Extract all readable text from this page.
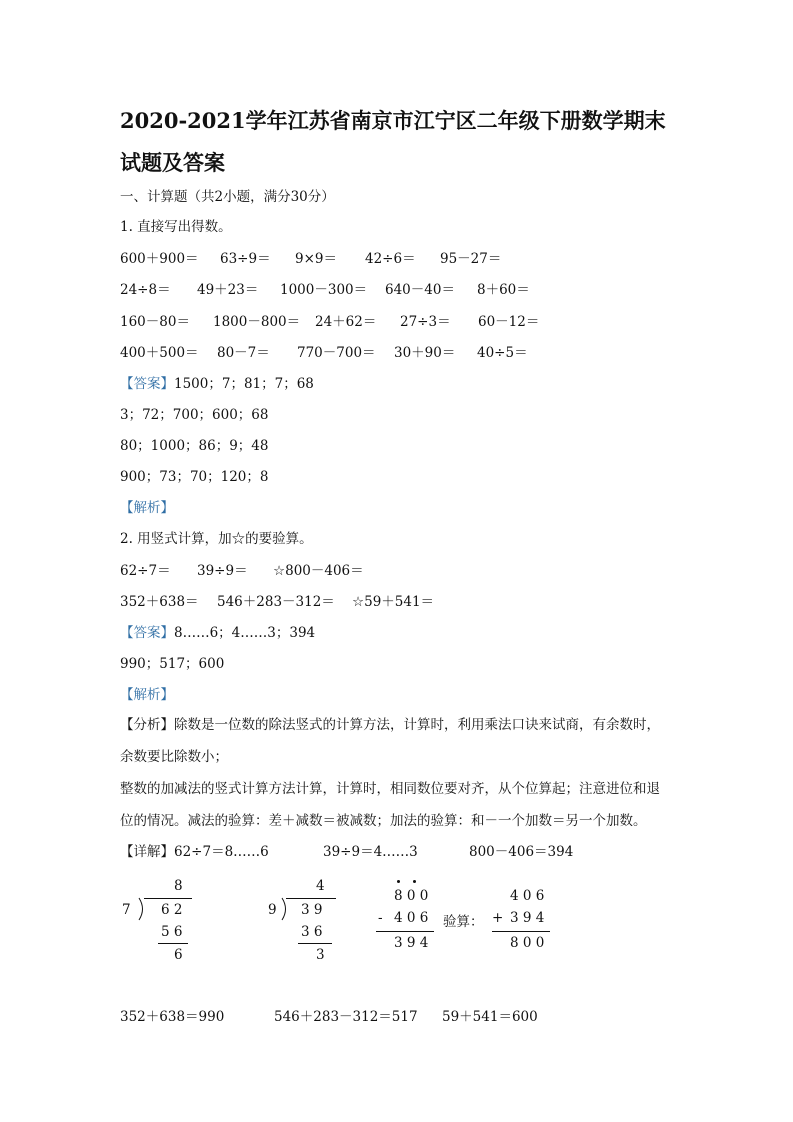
2020-2021学年江苏省南京市江宁区二年级下册数学期末试题及答案
一、计算题（共2小题，满分30分）
1. 直接写出得数。
600＋900＝ 63÷9＝ 9×9＝ 42÷6＝ 95－27＝
24÷8＝ 49＋23＝ 1000－300＝ 640－40＝ 8＋60＝
160－80＝ 1800－800＝ 24＋62＝ 27÷3＝ 60－12＝
400＋500＝ 80－7＝ 770－700＝ 30＋90＝ 40÷5＝
【答案】1500；7；81；7；68
3；72；700；600；68
80；1000；86；9；48
900；73；70；120；8
【解析】
2. 用竖式计算，加☆的要验算。
62÷7＝ 39÷9＝ ☆800－406＝
352＋638＝ 546＋283－312＝ ☆59＋541＝
【答案】8……6；4……3；394
990；517；600
【解析】
【分析】除数是一位数的除法竖式的计算方法，计算时，利用乘法口诀来试商，有余数时，余数要比除数小；
整数的加减法的竖式计算方法计算，计算时，相同数位要对齐，从个位算起；注意进位和退位的情况。减法的验算：差＋减数＝被减数；加法的验算：和－一个加数＝另一个加数。
【详解】 62÷7＝8……6	39÷9＝4……3	800－406＝394
8
7 6 2
5 6
6
4
9 3 9
3 6
3
8 0 0
- 4 0 6
3 9 4
验算：
4 0 6
+ 3 9 4
8 0 0
352＋638＝990	546＋283－312＝517 59＋541＝600
